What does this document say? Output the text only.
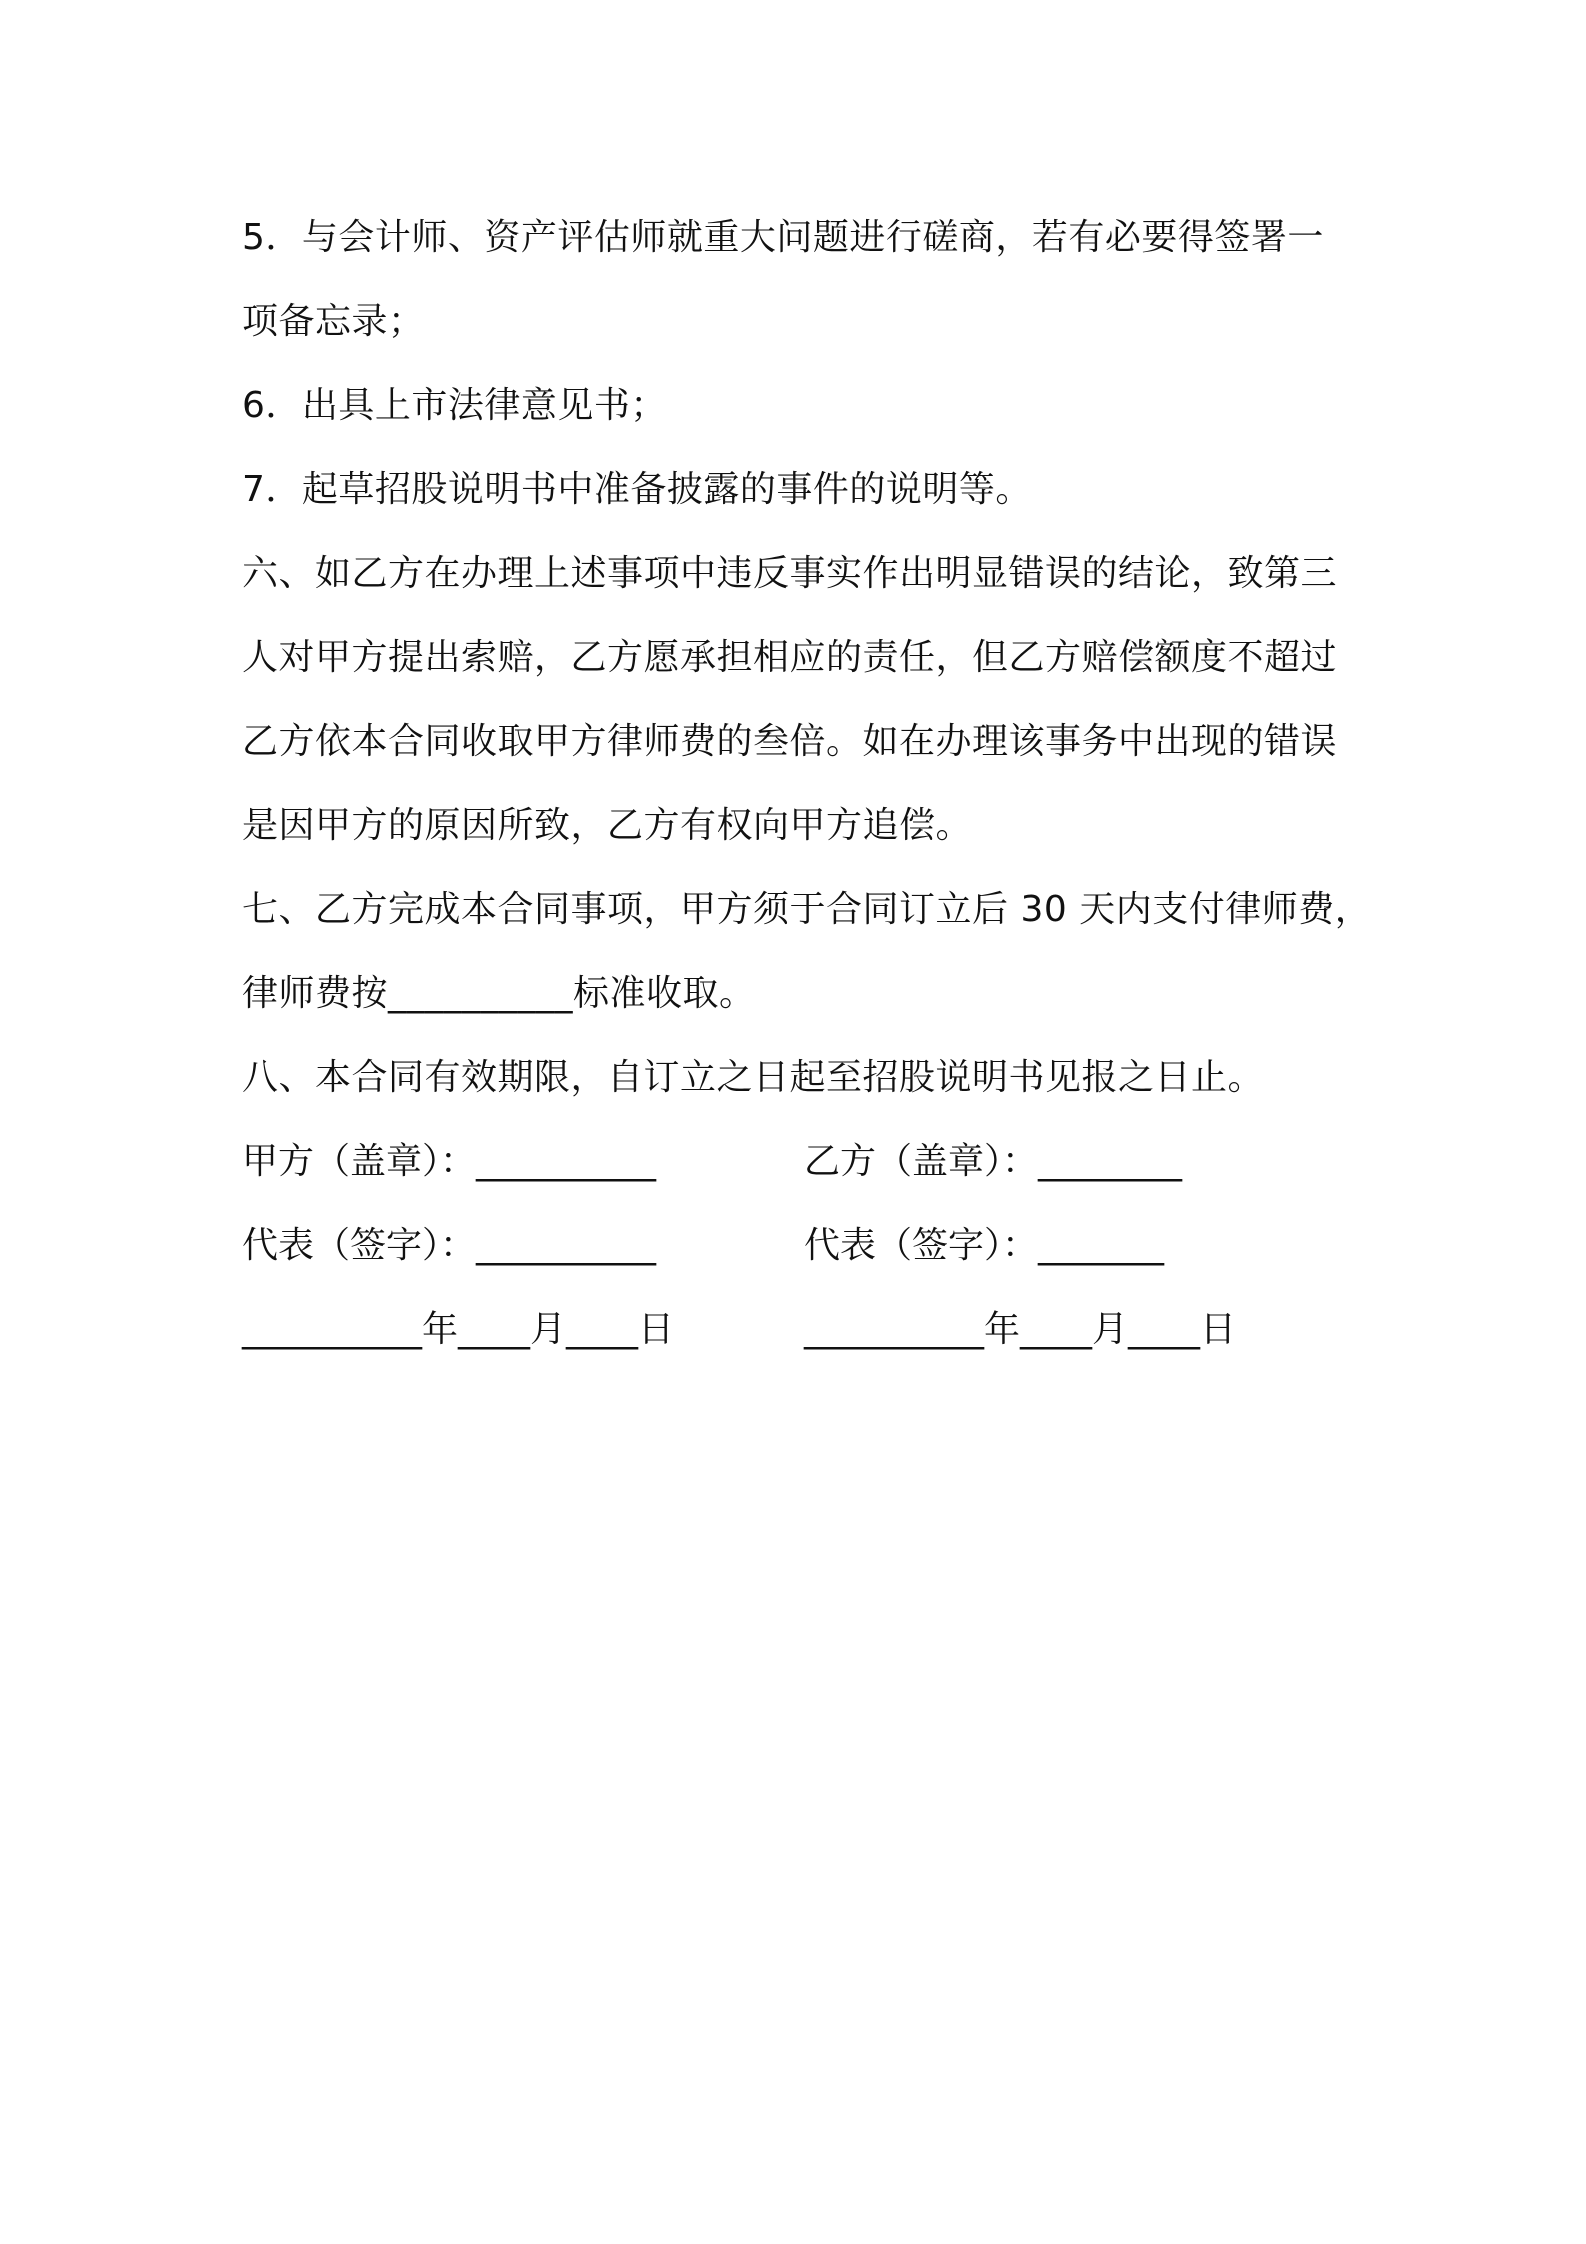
5．与会计师、资产评估师就重大问题进行磋商，若有必要得签署一
项备忘录；
6．出具上市法律意见书；
7．起草招股说明书中准备披露的事件的说明等。
六、如乙方在办理上述事项中违反事实作出明显错误的结论，致第三
人对甲方提出索赔，乙方愿承担相应的责任，但乙方赔偿额度不超过
乙方依本合同收取甲方律师费的叁倍。如在办理该事务中出现的错误
是因甲方的原因所致，乙方有权向甲方追偿。
七、乙方完成本合同事项，甲方须于合同订立后 30 天内支付律师费，
律师费按__________标准收取。
八、本合同有效期限，自订立之日起至招股说明书见报之日止。
甲方（盖章）：__________	乙方（盖章）：________
代表（签字）：__________	代表（签字）：_______
__________年____月____日	__________年____月____日
